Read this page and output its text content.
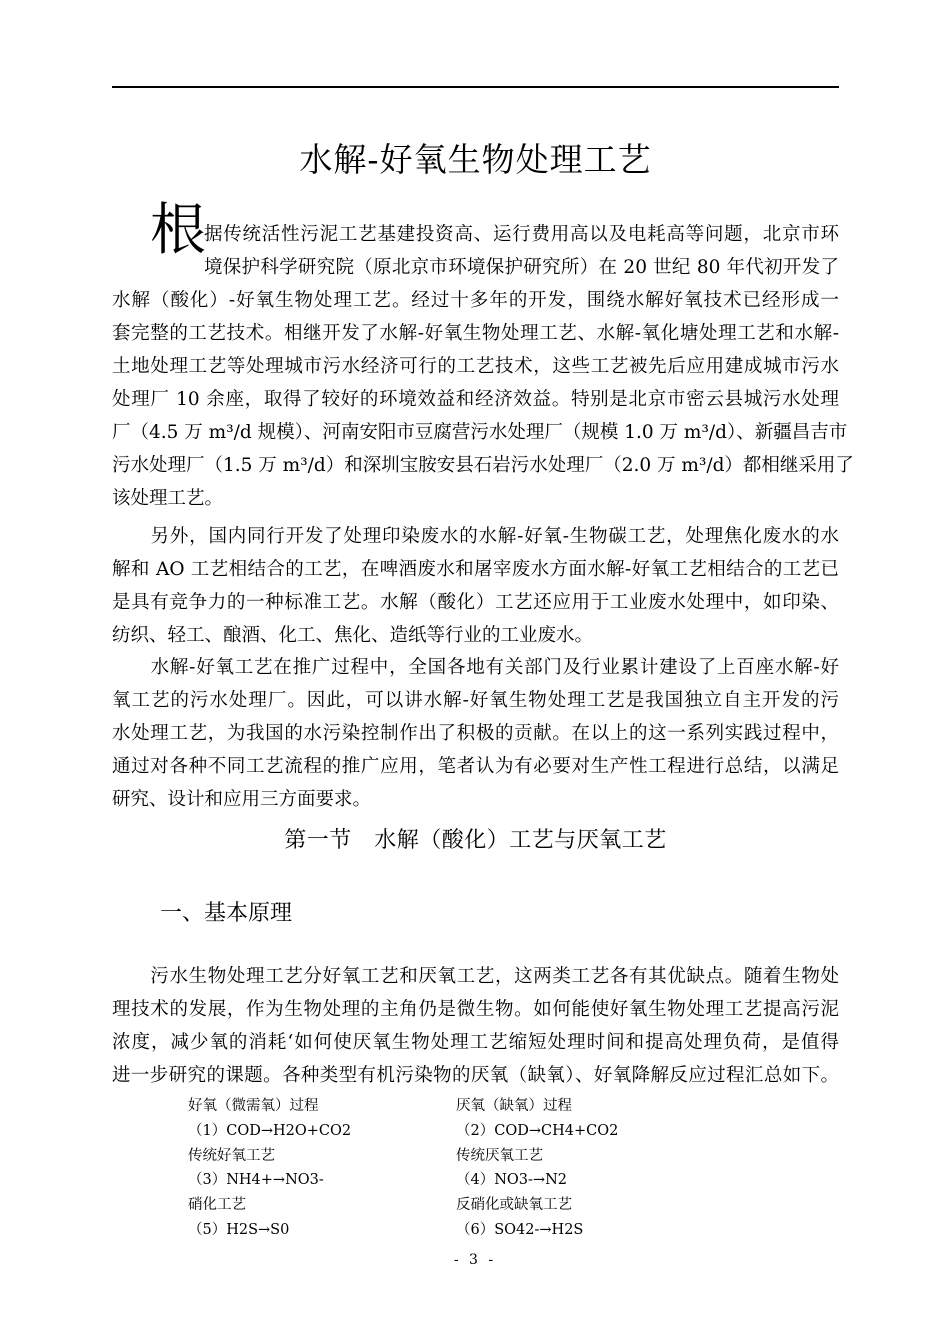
水解-好氧生物处理工艺
根
据传统活性污泥工艺基建投资高、运行费用高以及电耗高等问题，北京市环
境保护科学研究院（原北京市环境保护研究所）在 20 世纪 80 年代初开发了
水解（酸化）-好氧生物处理工艺。经过十多年的开发，围绕水解好氧技术已经形成一
套完整的工艺技术。相继开发了水解-好氧生物处理工艺、水解-氧化塘处理工艺和水解-
土地处理工艺等处理城市污水经济可行的工艺技术，这些工艺被先后应用建成城市污水
处理厂 10 余座，取得了较好的环境效益和经济效益。特别是北京市密云县城污水处理
厂（4.5 万 m³/d 规模）、河南安阳市豆腐营污水处理厂（规模 1.0 万 m³/d）、新疆昌吉市
污水处理厂（1.5 万 m³/d）和深圳宝胺安县石岩污水处理厂（2.0 万 m³/d）都相继采用了
该处理工艺。
　　另外，国内同行开发了处理印染废水的水解-好氧-生物碳工艺，处理焦化废水的水
解和 AO 工艺相结合的工艺，在啤酒废水和屠宰废水方面水解-好氧工艺相结合的工艺已
是具有竞争力的一种标准工艺。水解（酸化）工艺还应用于工业废水处理中，如印染、
纺织、轻工、酿酒、化工、焦化、造纸等行业的工业废水。
　　水解-好氧工艺在推广过程中，全国各地有关部门及行业累计建设了上百座水解-好
氧工艺的污水处理厂。因此，可以讲水解-好氧生物处理工艺是我国独立自主开发的污
水处理工艺，为我国的水污染控制作出了积极的贡献。在以上的这一系列实践过程中，
通过对各种不同工艺流程的推广应用，笔者认为有必要对生产性工程进行总结，以满足
研究、设计和应用三方面要求。
第一节　水解（酸化）工艺与厌氧工艺
一、基本原理
　　污水生物处理工艺分好氧工艺和厌氧工艺，这两类工艺各有其优缺点。随着生物处
理技术的发展，作为生物处理的主角仍是微生物。如何能使好氧生物处理工艺提高污泥
浓度，减少氧的消耗‘如何使厌氧生物处理工艺缩短处理时间和提高处理负荷，是值得
进一步研究的课题。各种类型有机污染物的厌氧（缺氧）、好氧降解反应过程汇总如下。
好氧（微需氧）过程
（1）COD→H2O+CO2
传统好氧工艺
（3）NH4+→NO3-
硝化工艺
（5）H2S→S0
厌氧（缺氧）过程
（2）COD→CH4+CO2
传统厌氧工艺
（4）NO3-→N2
反硝化或缺氧工艺
（6）SO42-→H2S
- 3 -
